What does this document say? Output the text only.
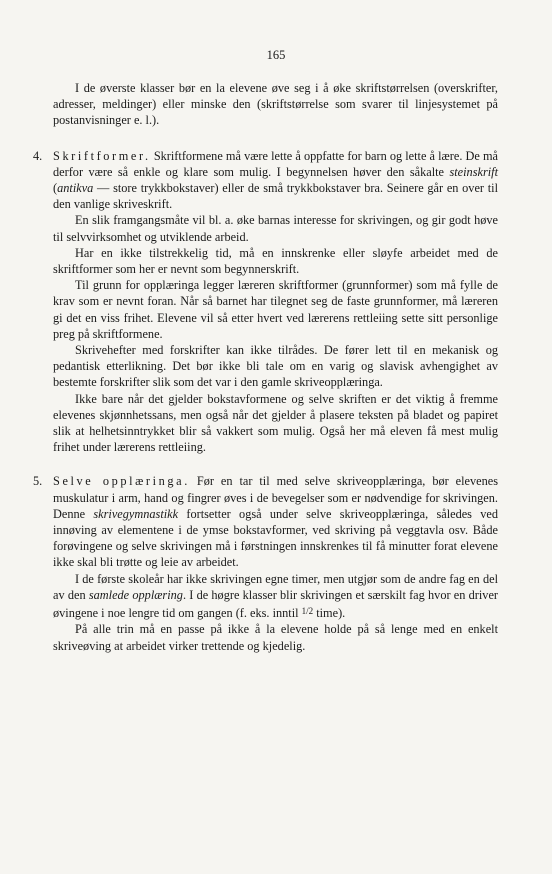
165

I de øverste klasser bør en la elevene øve seg i å øke skriftstørrelsen (overskrifter, adresser, meldinger) eller minske den (skriftstørrelse som svarer til linjesystemet på postanvisninger e. l.).

4. Skriftformer. Skriftformene må være lette å oppfatte for barn og lette å lære. De må derfor være så enkle og klare som mulig. I begynnelsen høver den såkalte steinskrift (antikva — store trykkbokstaver) eller de små trykkbokstaver bra. Seinere går en over til den vanlige skriveskrift.

En slik framgangsmåte vil bl. a. øke barnas interesse for skrivingen, og gir godt høve til selvvirksomhet og utviklende arbeid.

Har en ikke tilstrekkelig tid, må en innskrenke eller sløyfe arbeidet med de skriftformer som her er nevnt som begynnerskrift.

Til grunn for opplæringa legger læreren skriftformer (grunnformer) som må fylle de krav som er nevnt foran. Når så barnet har tilegnet seg de faste grunnformer, må læreren gi det en viss frihet. Elevene vil så etter hvert ved lærerens rettleiing sette sitt personlige preg på skriftformene.

Skrivehefter med forskrifter kan ikke tilrådes. De fører lett til en mekanisk og pedantisk etterlikning. Det bør ikke bli tale om en varig og slavisk avhengighet av bestemte forskrifter slik som det var i den gamle skriveopplæringa.

Ikke bare når det gjelder bokstavformene og selve skriften er det viktig å fremme elevenes skjønnhetssans, men også når det gjelder å plasere teksten på bladet og papiret slik at helhetsinntrykket blir så vakkert som mulig. Også her må eleven få mest mulig frihet under lærerens rettleiing.

5. Selve opplæringa. Før en tar til med selve skriveopplæringa, bør elevenes muskulatur i arm, hand og fingrer øves i de bevegelser som er nødvendige for skrivingen. Denne skrivegymnastikk fortsetter også under selve skriveopplæringa, således ved innøving av elementene i de ymse bokstavformer, ved skriving på veggtavla osv. Både forøvingene og selve skrivingen må i førstningen innskrenkes til få minutter forat elevene ikke skal bli trøtte og leie av arbeidet.

I de første skoleår har ikke skrivingen egne timer, men utgjør som de andre fag en del av den samlede opplæring. I de høgre klasser blir skrivingen et særskilt fag hvor en driver øvingene i noe lengre tid om gangen (f. eks. inntil $^{1/2}$ time).

På alle trin må en passe på ikke å la elevene holde på så lenge med en enkelt skriveøving at arbeidet virker trettende og kjedelig.
